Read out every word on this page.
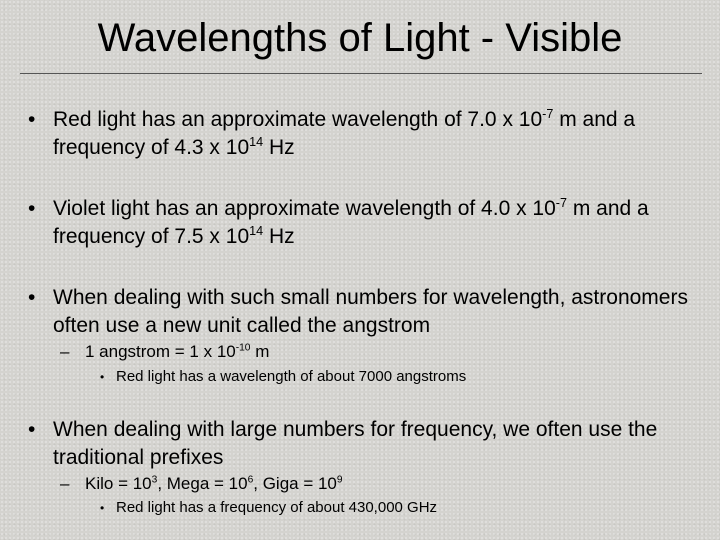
Wavelengths of Light - Visible
• Red light has an approximate wavelength of 7.0 x $10^{-7}$ m and a frequency of 4.3 x $10^{14}$ Hz
• Violet light has an approximate wavelength of 4.0 x $10^{-7}$ m and a frequency of 7.5 x $10^{14}$ Hz
• When dealing with such small numbers for wavelength, astronomers often use a new unit called the angstrom
– 1 angstrom = 1 x $10^{-10}$ m
• Red light has a wavelength of about 7000 angstroms
• When dealing with large numbers for frequency, we often use the traditional prefixes
– Kilo = $10^3$, Mega = $10^6$, Giga = $10^9$
• Red light has a frequency of about 430,000 GHz
